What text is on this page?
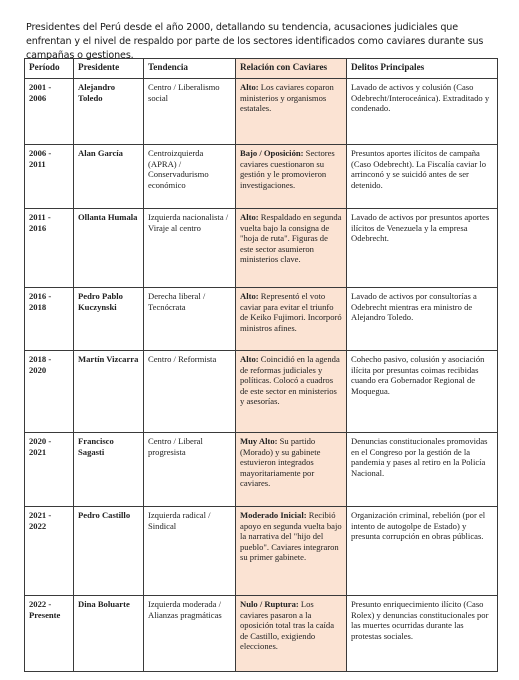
Presidentes del Perú desde el año 2000, detallando su tendencia, acusaciones judiciales que enfrentan y el nivel de respaldo por parte de los sectores identificados como caviares durante sus campañas o gestiones.

Período	Presidente	Tendencia	Relación con Caviares	Delitos Principales
2001 - 2006	Alejandro Toledo	Centro / Liberalismo social	Alto: Los caviares coparon ministerios y organismos estatales.	Lavado de activos y colusión (Caso Odebrecht/Interoceánica). Extraditado y condenado.
2006 - 2011	Alan García	Centroizquierda (APRA) / Conservadurismo económico	Bajo / Oposición: Sectores caviares cuestionaron su gestión y le promovieron investigaciones.	Presuntos aportes ilícitos de campaña (Caso Odebrecht). La Fiscalía caviar lo arrinconó y se suicidó antes de ser detenido.
2011 - 2016	Ollanta Humala	Izquierda nacionalista / Viraje al centro	Alto: Respaldado en segunda vuelta bajo la consigna de "hoja de ruta". Figuras de este sector asumieron ministerios clave.	Lavado de activos por presuntos aportes ilícitos de Venezuela y la empresa Odebrecht.
2016 - 2018	Pedro Pablo Kuczynski	Derecha liberal / Tecnócrata	Alto: Representó el voto caviar para evitar el triunfo de Keiko Fujimori. Incorporó ministros afines.	Lavado de activos por consultorías a Odebrecht mientras era ministro de Alejandro Toledo.
2018 - 2020	Martín Vizcarra	Centro / Reformista	Alto: Coincidió en la agenda de reformas judiciales y políticas. Colocó a cuadros de este sector en ministerios y asesorías.	Cohecho pasivo, colusión y asociación ilícita por presuntas coimas recibidas cuando era Gobernador Regional de Moquegua.
2020 - 2021	Francisco Sagasti	Centro / Liberal progresista	Muy Alto: Su partido (Morado) y su gabinete estuvieron integrados mayoritariamente por caviares.	Denuncias constitucionales promovidas en el Congreso por la gestión de la pandemia y pases al retiro en la Policía Nacional.
2021 - 2022	Pedro Castillo	Izquierda radical / Sindical	Moderado Inicial: Recibió apoyo en segunda vuelta bajo la narrativa del "hijo del pueblo". Caviares integraron su primer gabinete.	Organización criminal, rebelión (por el intento de autogolpe de Estado) y presunta corrupción en obras públicas.
2022 - Presente	Dina Boluarte	Izquierda moderada / Alianzas pragmáticas	Nulo / Ruptura: Los caviares pasaron a la oposición total tras la caída de Castillo, exigiendo elecciones.	Presunto enriquecimiento ilícito (Caso Rolex) y denuncias constitucionales por las muertes ocurridas durante las protestas sociales.
